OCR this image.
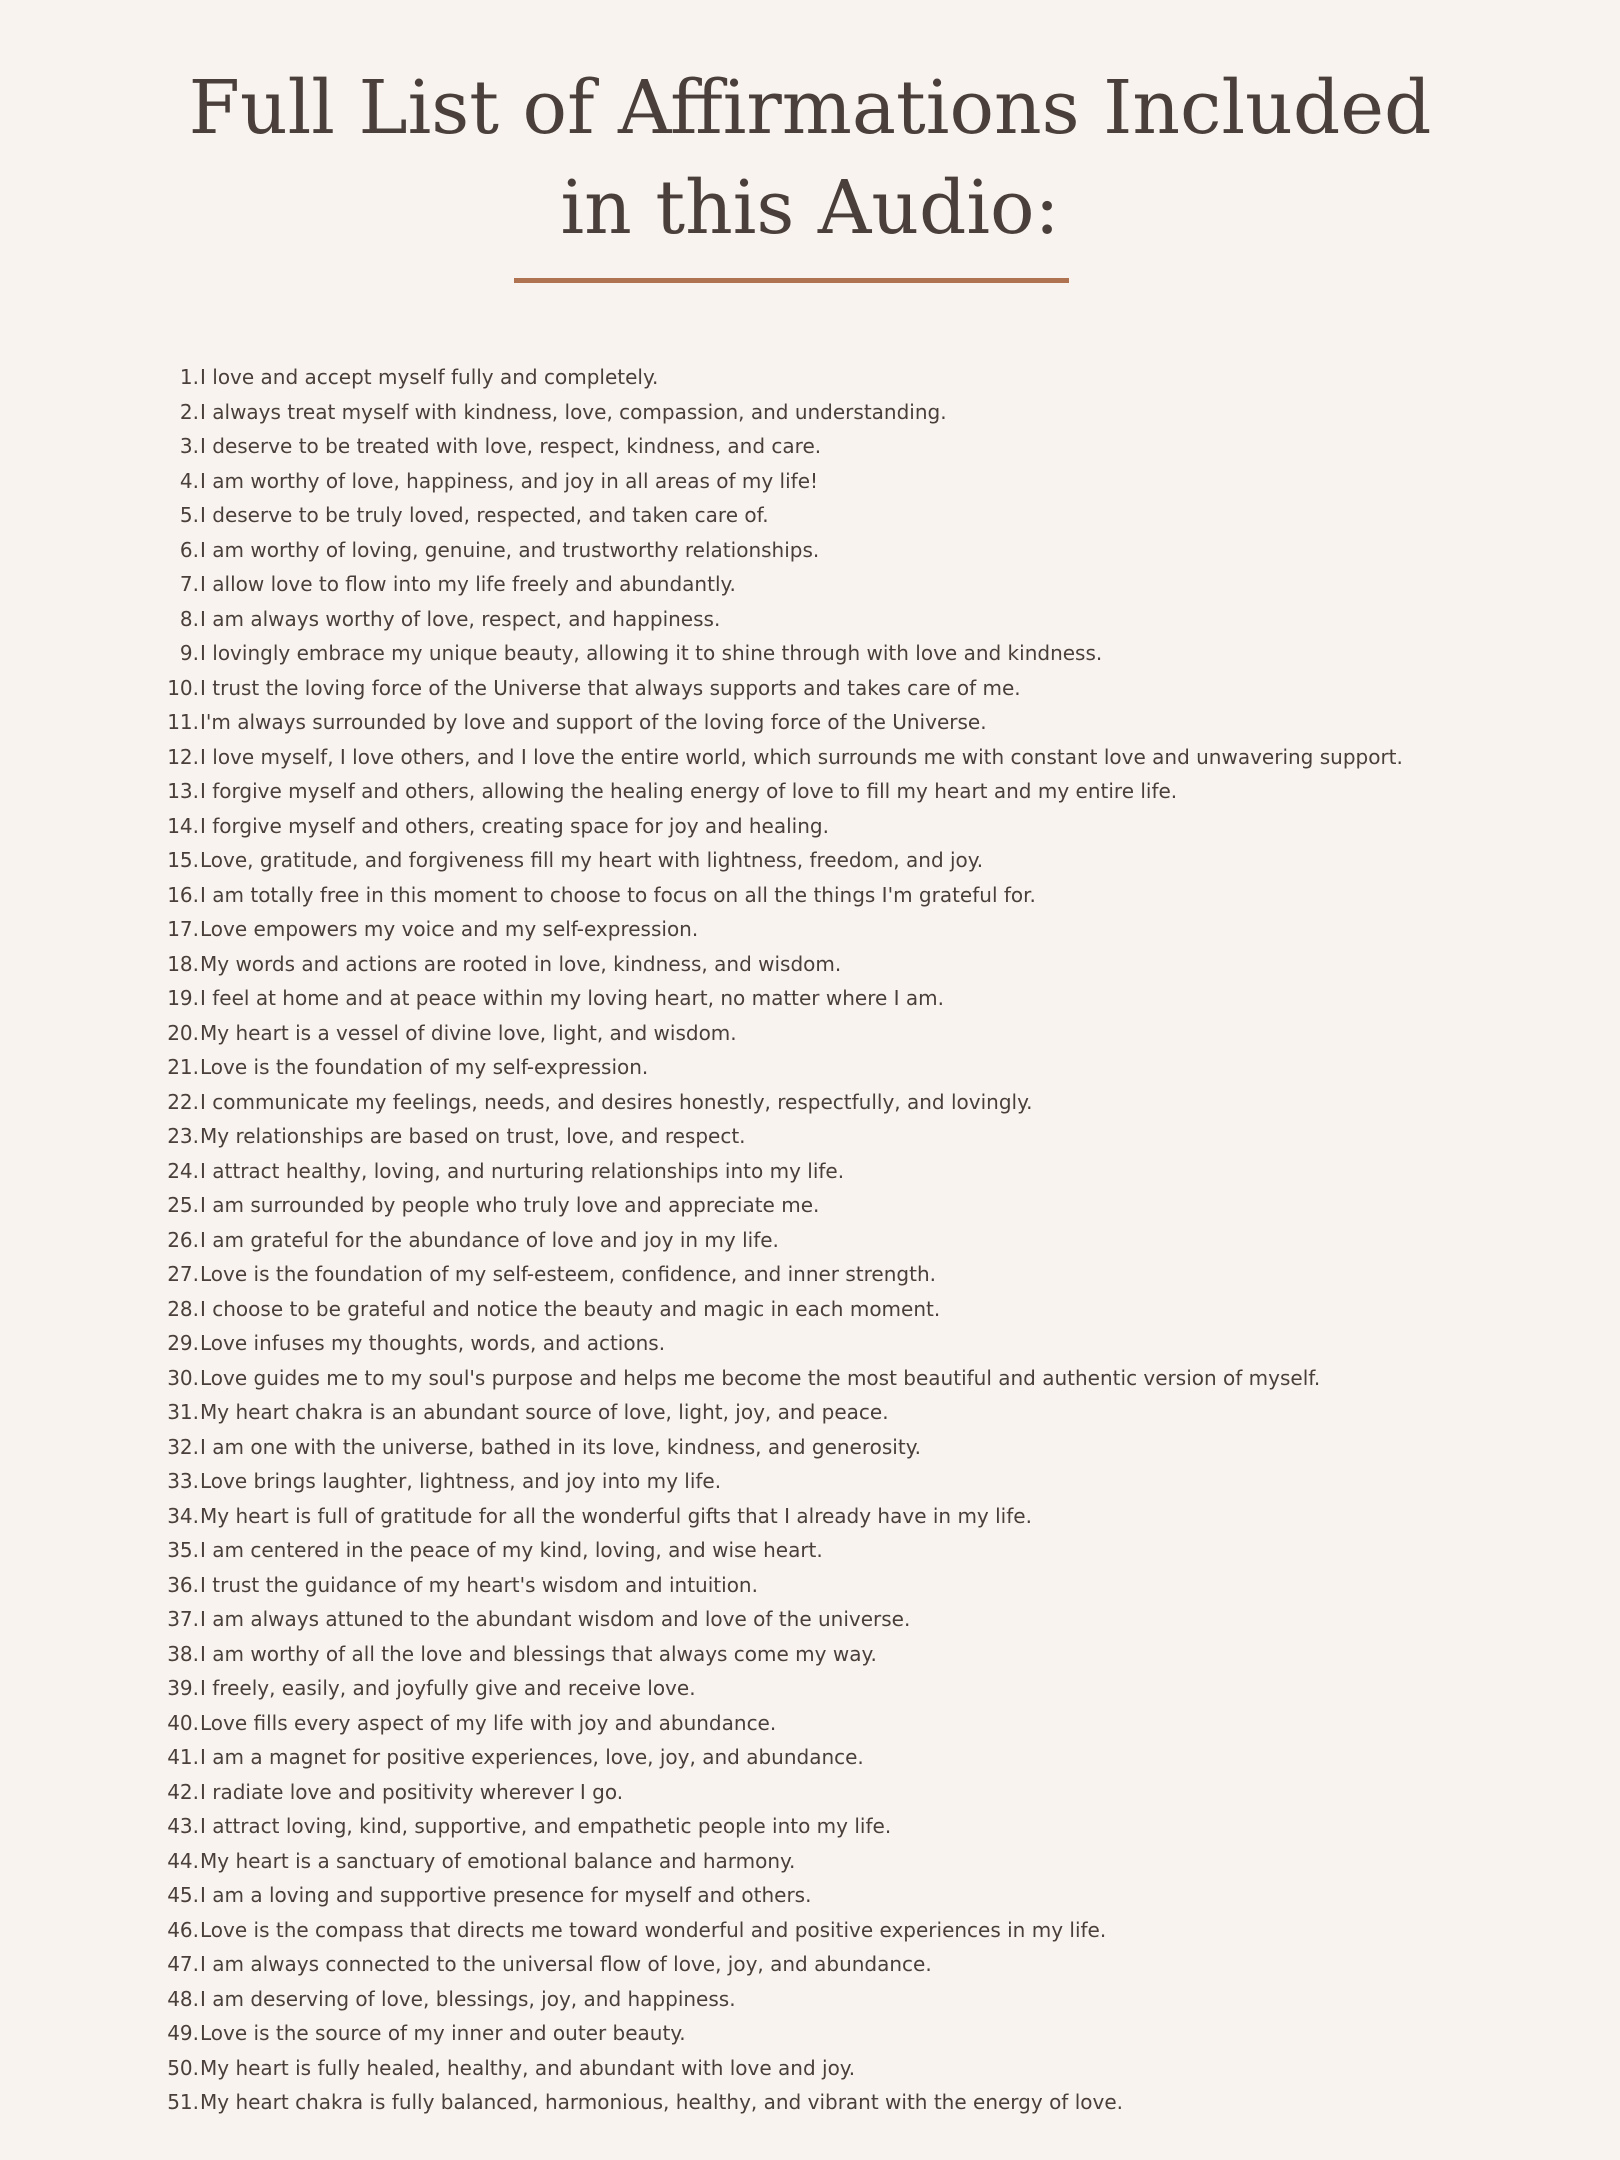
Full List of Affirmations Included
in this Audio:
1. I love and accept myself fully and completely.
2. I always treat myself with kindness, love, compassion, and understanding.
3. I deserve to be treated with love, respect, kindness, and care.
4. I am worthy of love, happiness, and joy in all areas of my life!
5. I deserve to be truly loved, respected, and taken care of.
6. I am worthy of loving, genuine, and trustworthy relationships.
7. I allow love to flow into my life freely and abundantly.
8. I am always worthy of love, respect, and happiness.
9. I lovingly embrace my unique beauty, allowing it to shine through with love and kindness.
10. I trust the loving force of the Universe that always supports and takes care of me.
11. I'm always surrounded by love and support of the loving force of the Universe.
12. I love myself, I love others, and I love the entire world, which surrounds me with constant love and unwavering support.
13. I forgive myself and others, allowing the healing energy of love to fill my heart and my entire life.
14. I forgive myself and others, creating space for joy and healing.
15. Love, gratitude, and forgiveness fill my heart with lightness, freedom, and joy.
16. I am totally free in this moment to choose to focus on all the things I'm grateful for.
17. Love empowers my voice and my self-expression.
18. My words and actions are rooted in love, kindness, and wisdom.
19. I feel at home and at peace within my loving heart, no matter where I am.
20. My heart is a vessel of divine love, light, and wisdom.
21. Love is the foundation of my self-expression.
22. I communicate my feelings, needs, and desires honestly, respectfully, and lovingly.
23. My relationships are based on trust, love, and respect.
24. I attract healthy, loving, and nurturing relationships into my life.
25. I am surrounded by people who truly love and appreciate me.
26. I am grateful for the abundance of love and joy in my life.
27. Love is the foundation of my self-esteem, confidence, and inner strength.
28. I choose to be grateful and notice the beauty and magic in each moment.
29. Love infuses my thoughts, words, and actions.
30. Love guides me to my soul's purpose and helps me become the most beautiful and authentic version of myself.
31. My heart chakra is an abundant source of love, light, joy, and peace.
32. I am one with the universe, bathed in its love, kindness, and generosity.
33. Love brings laughter, lightness, and joy into my life.
34. My heart is full of gratitude for all the wonderful gifts that I already have in my life.
35. I am centered in the peace of my kind, loving, and wise heart.
36. I trust the guidance of my heart's wisdom and intuition.
37. I am always attuned to the abundant wisdom and love of the universe.
38. I am worthy of all the love and blessings that always come my way.
39. I freely, easily, and joyfully give and receive love.
40. Love fills every aspect of my life with joy and abundance.
41. I am a magnet for positive experiences, love, joy, and abundance.
42. I radiate love and positivity wherever I go.
43. I attract loving, kind, supportive, and empathetic people into my life.
44. My heart is a sanctuary of emotional balance and harmony.
45. I am a loving and supportive presence for myself and others.
46. Love is the compass that directs me toward wonderful and positive experiences in my life.
47. I am always connected to the universal flow of love, joy, and abundance.
48. I am deserving of love, blessings, joy, and happiness.
49. Love is the source of my inner and outer beauty.
50. My heart is fully healed, healthy, and abundant with love and joy.
51. My heart chakra is fully balanced, harmonious, healthy, and vibrant with the energy of love.
